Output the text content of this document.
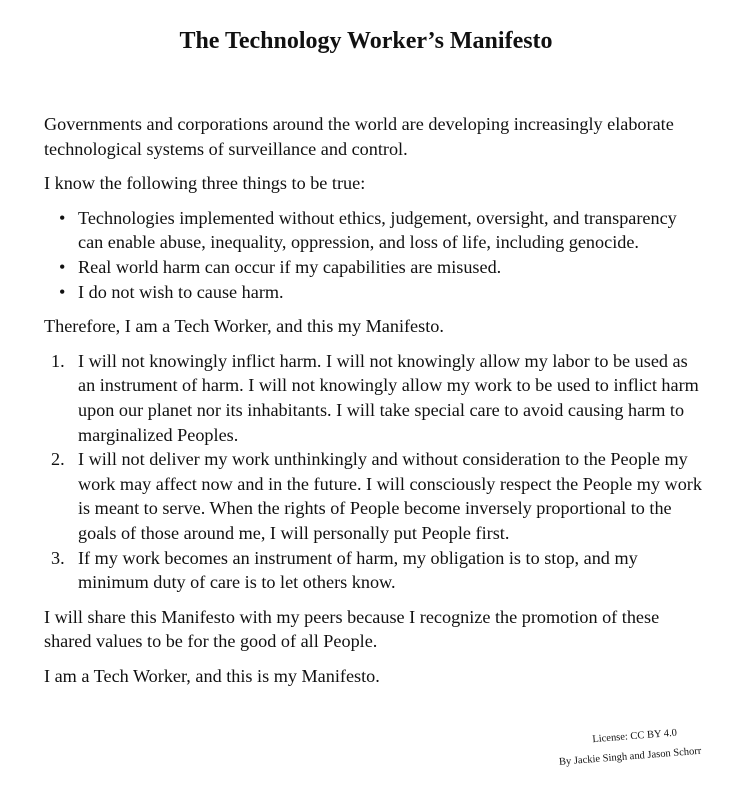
The Technology Worker’s Manifesto

Governments and corporations around the world are developing increasingly elaborate technological systems of surveillance and control.

I know the following three things to be true:

• Technologies implemented without ethics, judgement, oversight, and transparency can enable abuse, inequality, oppression, and loss of life, including genocide.
• Real world harm can occur if my capabilities are misused.
• I do not wish to cause harm.

Therefore, I am a Tech Worker, and this my Manifesto.

1. I will not knowingly inflict harm. I will not knowingly allow my labor to be used as an instrument of harm. I will not knowingly allow my work to be used to inflict harm upon our planet nor its inhabitants. I will take special care to avoid causing harm to marginalized Peoples.
2. I will not deliver my work unthinkingly and without consideration to the People my work may affect now and in the future. I will consciously respect the People my work is meant to serve. When the rights of People become inversely proportional to the goals of those around me, I will personally put People first.
3. If my work becomes an instrument of harm, my obligation is to stop, and my minimum duty of care is to let others know.

I will share this Manifesto with my peers because I recognize the promotion of these shared values to be for the good of all People.

I am a Tech Worker, and this is my Manifesto.

License: CC BY 4.0
By Jackie Singh and Jason Schorr
